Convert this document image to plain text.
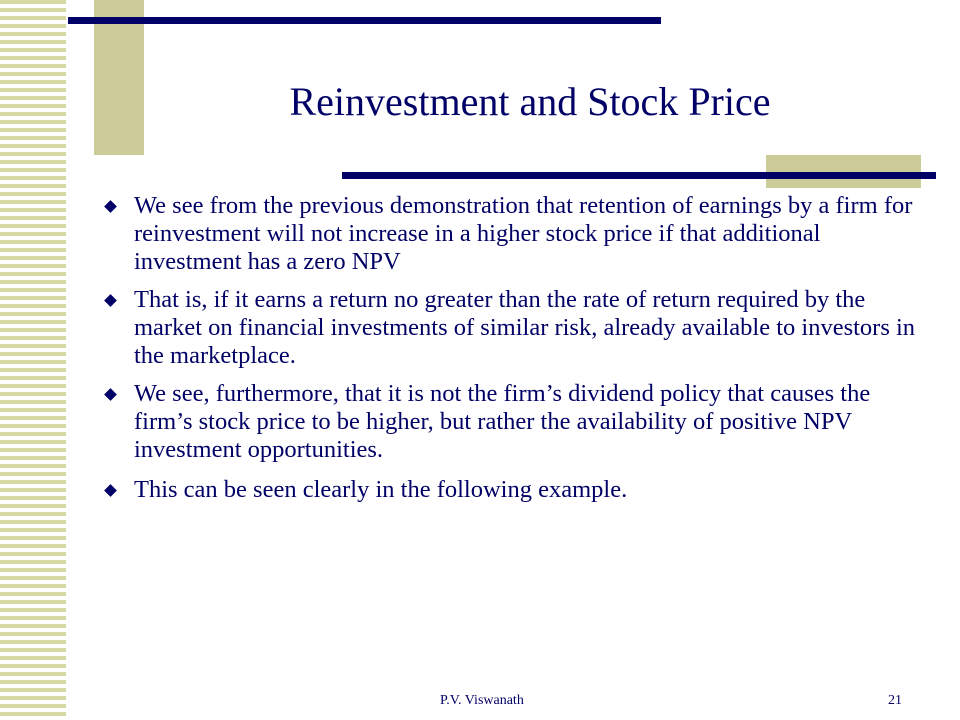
Reinvestment and Stock Price
We see from the previous demonstration that retention of earnings by a firm for reinvestment will not increase in a higher stock price if that additional investment has a zero NPV
That is, if it earns a return no greater than the rate of return required by the market on financial investments of similar risk, already available to investors in the marketplace.
We see, furthermore, that it is not the firm’s dividend policy that causes the firm’s stock price to be higher, but rather the availability of positive NPV investment opportunities.
This can be seen clearly in the following example.
P.V. Viswanath	21
